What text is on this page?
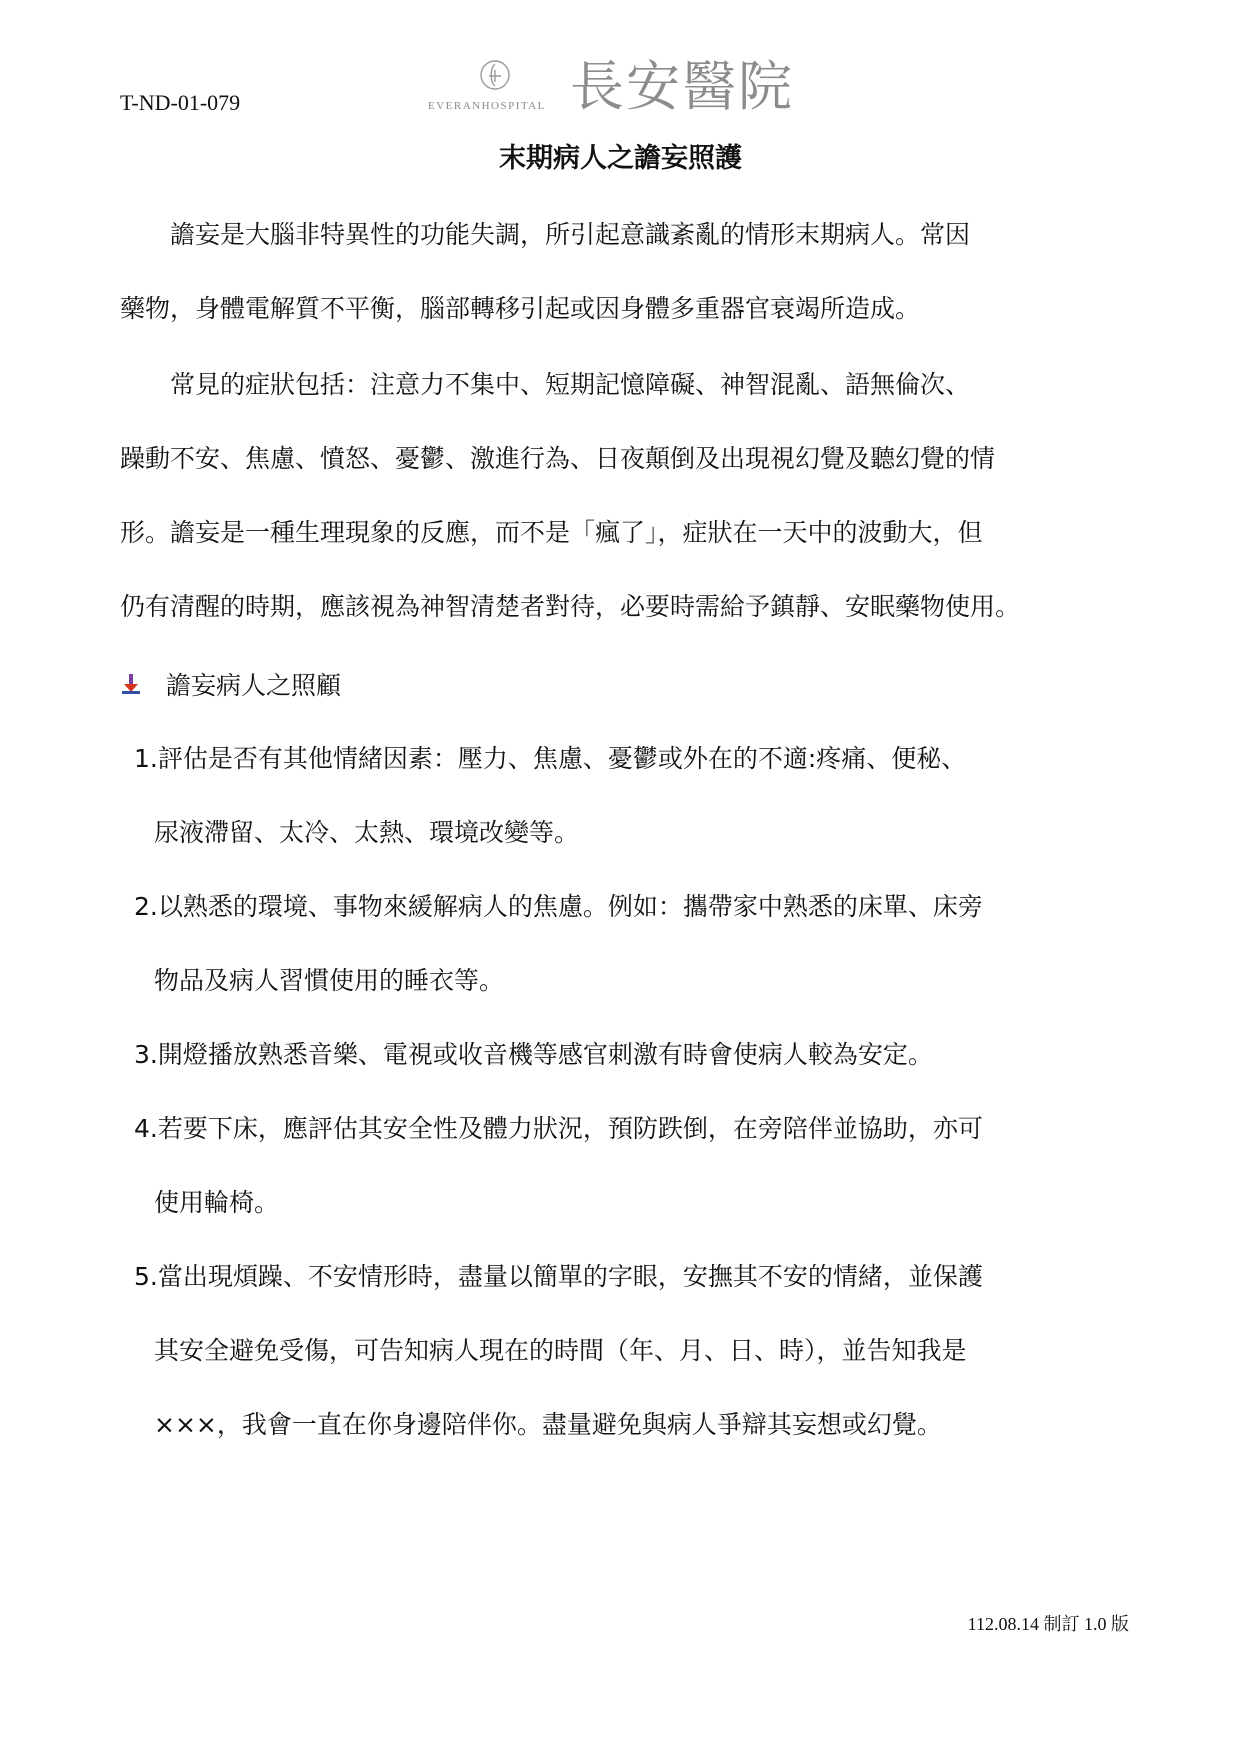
T-ND-01-079	EVERANHOSPITAL 長安醫院
末期病人之譫妄照護

　　譫妄是大腦非特異性的功能失調，所引起意識紊亂的情形末期病人。常因
藥物，身體電解質不平衡，腦部轉移引起或因身體多重器官衰竭所造成。

　　常見的症狀包括：注意力不集中、短期記憶障礙、神智混亂、語無倫次、
躁動不安、焦慮、憤怒、憂鬱、激進行為、日夜顛倒及出現視幻覺及聽幻覺的情
形。譫妄是一種生理現象的反應，而不是「瘋了」，症狀在一天中的波動大，但
仍有清醒的時期，應該視為神智清楚者對待，必要時需給予鎮靜、安眠藥物使用。

譫妄病人之照顧
1.評估是否有其他情緒因素：壓力、焦慮、憂鬱或外在的不適:疼痛、便秘、
尿液滯留、太冷、太熱、環境改變等。
2.以熟悉的環境、事物來緩解病人的焦慮。例如：攜帶家中熟悉的床單、床旁
物品及病人習慣使用的睡衣等。
3.開燈播放熟悉音樂、電視或收音機等感官刺激有時會使病人較為安定。
4.若要下床，應評估其安全性及體力狀況，預防跌倒，在旁陪伴並協助，亦可
使用輪椅。
5.當出現煩躁、不安情形時，盡量以簡單的字眼，安撫其不安的情緒，並保護
其安全避免受傷，可告知病人現在的時間（年、月、日、時），並告知我是
×××，我會一直在你身邊陪伴你。盡量避免與病人爭辯其妄想或幻覺。
112.08.14 制訂 1.0 版
